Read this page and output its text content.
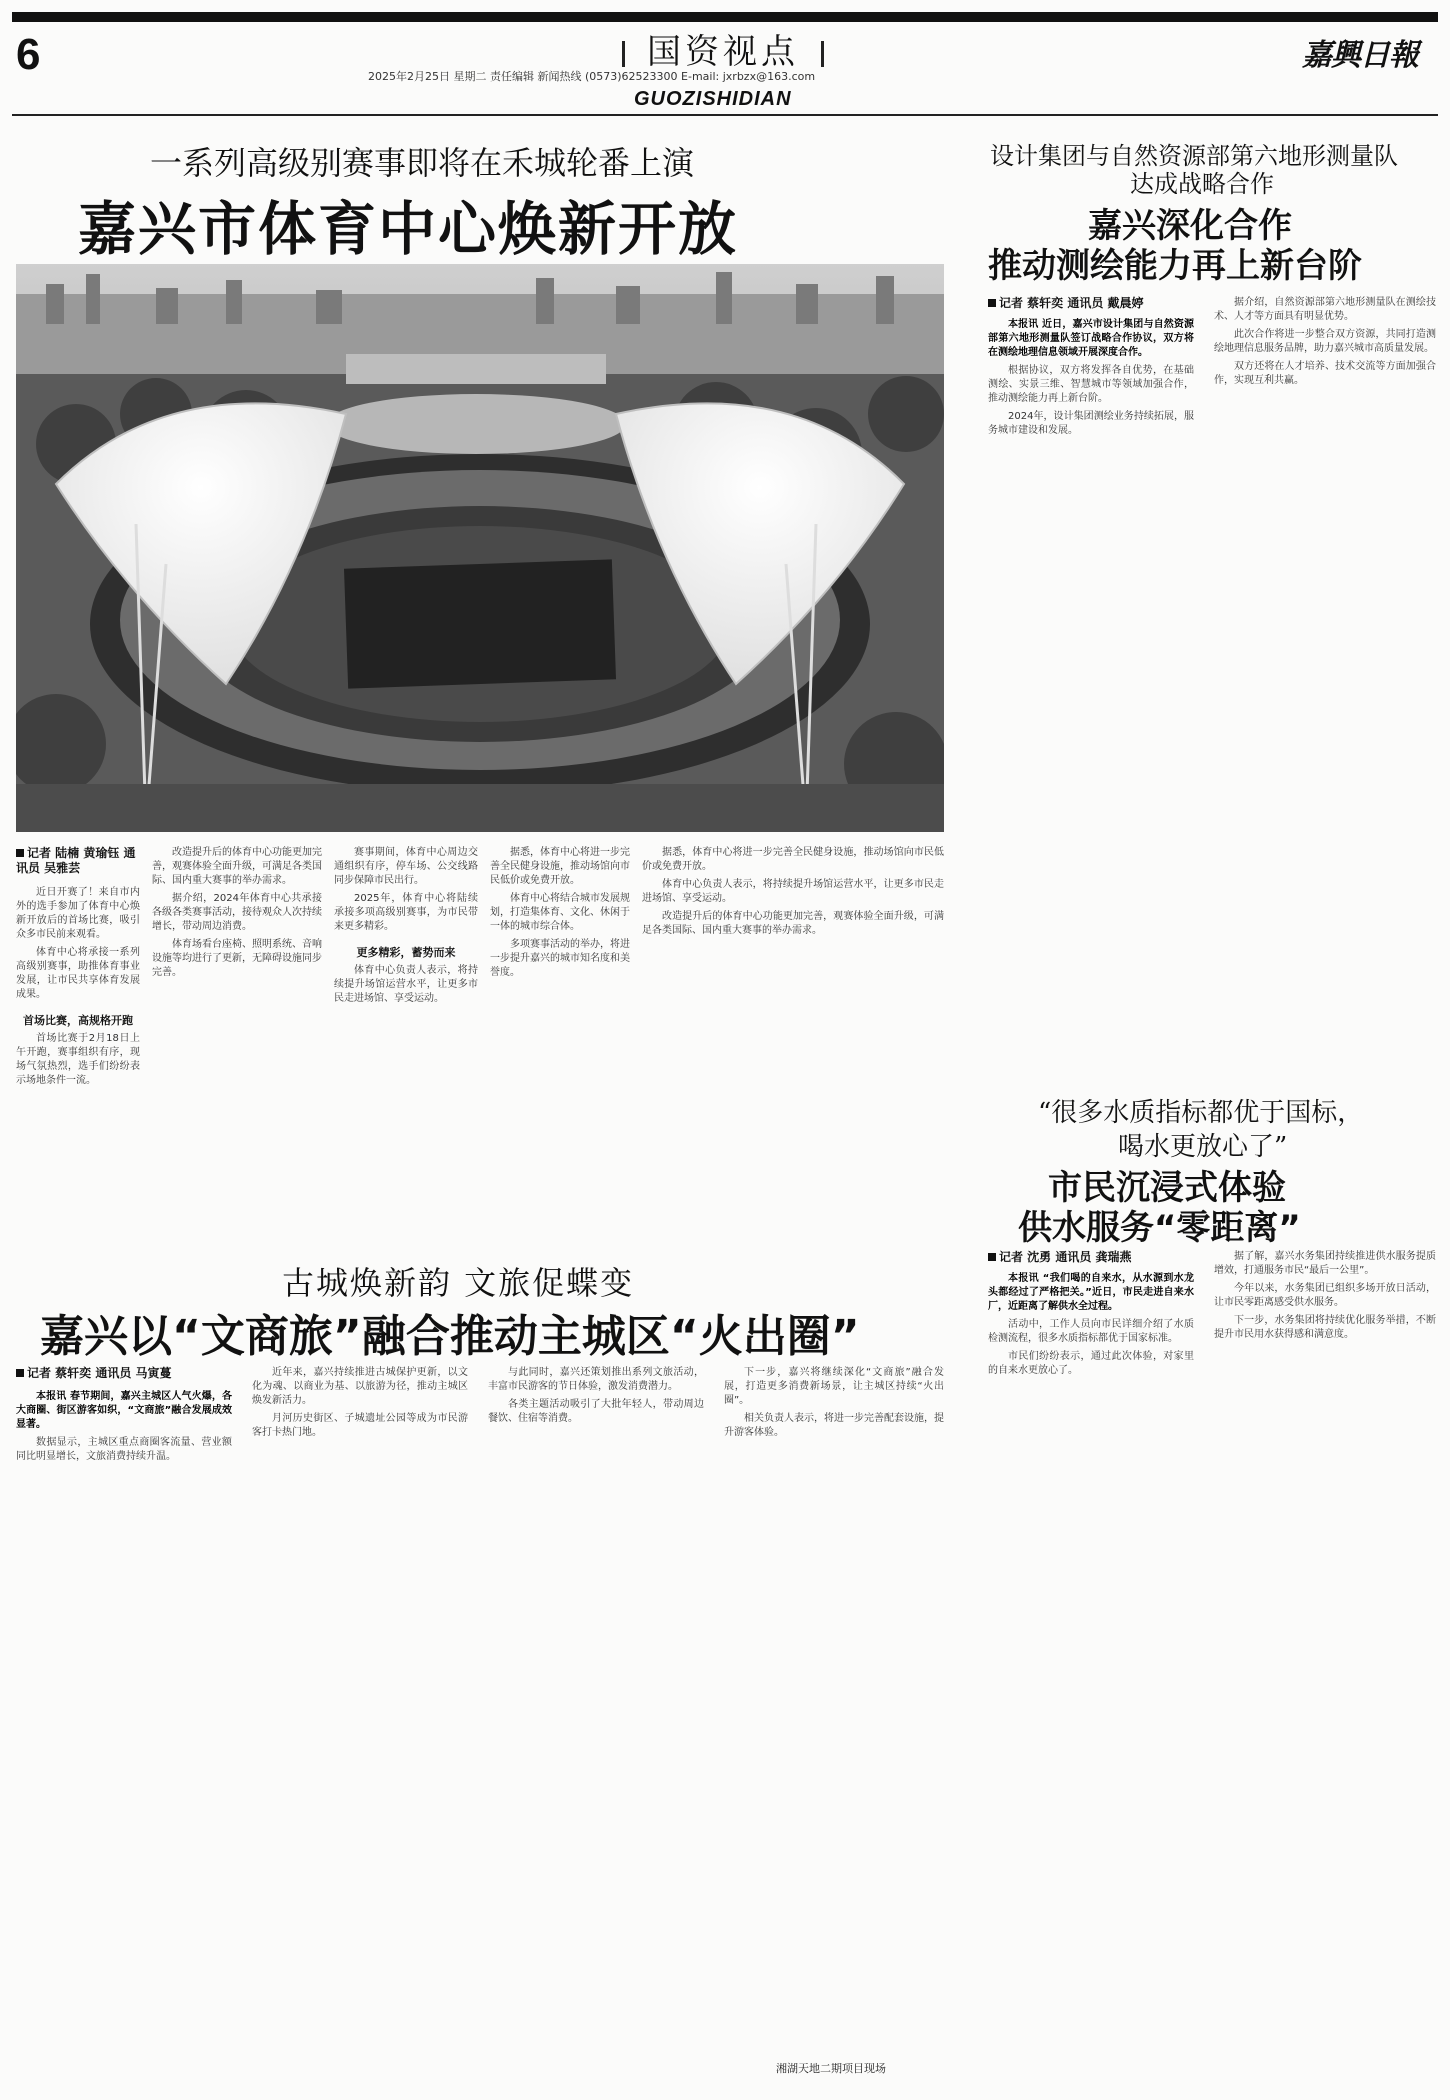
6	国资视点
2025年2月25日 星期二 责任编辑 新闻热线 (0573)62523300 E-mail: jxrbzx@163.com
GUOZISHIDIAN
嘉興日報
一系列高级别赛事即将在禾城轮番上演
嘉兴市体育中心焕新开放
记者 陆楠 黄瑜钰 通讯员 吴雅芸

近日开赛了！来自市内外的选手参加了体育中心焕新开放后的首场比赛，吸引众多市民前来观看。

体育中心将承接一系列高级别赛事，助推体育事业发展，让市民共享体育发展成果。

首场比赛，高规格开跑

首场比赛于2月18日上午开跑，赛事组织有序，现场气氛热烈，选手们纷纷表示场地条件一流。

改造提升后的体育中心功能更加完善，观赛体验全面升级，可满足各类国际、国内重大赛事的举办需求。

据介绍，2024年体育中心共承接各级各类赛事活动，接待观众人次持续增长，带动周边消费。

体育场看台座椅、照明系统、音响设施等均进行了更新，无障碍设施同步完善。

赛事期间，体育中心周边交通组织有序，停车场、公交线路同步保障市民出行。

2025年，体育中心将陆续承接多项高级别赛事，为市民带来更多精彩。

更多精彩，蓄势而来

体育中心负责人表示，将持续提升场馆运营水平，让更多市民走进场馆、享受运动。

据悉，体育中心将进一步完善全民健身设施，推动场馆向市民低价或免费开放。

体育中心将结合城市发展规划，打造集体育、文化、休闲于一体的城市综合体。

多项赛事活动的举办，将进一步提升嘉兴的城市知名度和美誉度。

据悉，体育中心将进一步完善全民健身设施，推动场馆向市民低价或免费开放。

体育中心负责人表示，将持续提升场馆运营水平，让更多市民走进场馆、享受运动。

改造提升后的体育中心功能更加完善，观赛体验全面升级，可满足各类国际、国内重大赛事的举办需求。

设计集团与自然资源部第六地形测量队
达成战略合作
嘉兴深化合作
推动测绘能力再上新台阶
记者 蔡轩奕 通讯员 戴晨婷

本报讯 近日，嘉兴市设计集团与自然资源部第六地形测量队签订战略合作协议，双方将在测绘地理信息领域开展深度合作。

根据协议，双方将发挥各自优势，在基础测绘、实景三维、智慧城市等领域加强合作，推动测绘能力再上新台阶。

2024年，设计集团测绘业务持续拓展，服务城市建设和发展。

据介绍，自然资源部第六地形测量队在测绘技术、人才等方面具有明显优势。

此次合作将进一步整合双方资源，共同打造测绘地理信息服务品牌，助力嘉兴城市高质量发展。

双方还将在人才培养、技术交流等方面加强合作，实现互利共赢。

“很多水质指标都优于国标，
喝水更放心了”
市民沉浸式体验
供水服务“零距离”
记者 沈勇 通讯员 龚瑞燕

本报讯 “我们喝的自来水，从水源到水龙头都经过了严格把关。”近日，市民走进自来水厂，近距离了解供水全过程。

活动中，工作人员向市民详细介绍了水质检测流程，很多水质指标都优于国家标准。

市民们纷纷表示，通过此次体验，对家里的自来水更放心了。

据了解，嘉兴水务集团持续推进供水服务提质增效，打通服务市民“最后一公里”。

今年以来，水务集团已组织多场开放日活动，让市民零距离感受供水服务。

下一步，水务集团将持续优化服务举措，不断提升市民用水获得感和满意度。

古城焕新韵 文旅促蝶变
嘉兴以“文商旅”融合推动主城区“火出圈”
记者 蔡轩奕 通讯员 马寅蔓

本报讯 春节期间，嘉兴主城区人气火爆，各大商圈、街区游客如织，“文商旅”融合发展成效显著。

数据显示，主城区重点商圈客流量、营业额同比明显增长，文旅消费持续升温。

近年来，嘉兴持续推进古城保护更新，以文化为魂、以商业为基、以旅游为径，推动主城区焕发新活力。

月河历史街区、子城遗址公园等成为市民游客打卡热门地。

与此同时，嘉兴还策划推出系列文旅活动，丰富市民游客的节日体验，激发消费潜力。

各类主题活动吸引了大批年轻人，带动周边餐饮、住宿等消费。

下一步，嘉兴将继续深化“文商旅”融合发展，打造更多消费新场景，让主城区持续“火出圈”。

相关负责人表示，将进一步完善配套设施，提升游客体验。

湘湖天地二期项目现场
